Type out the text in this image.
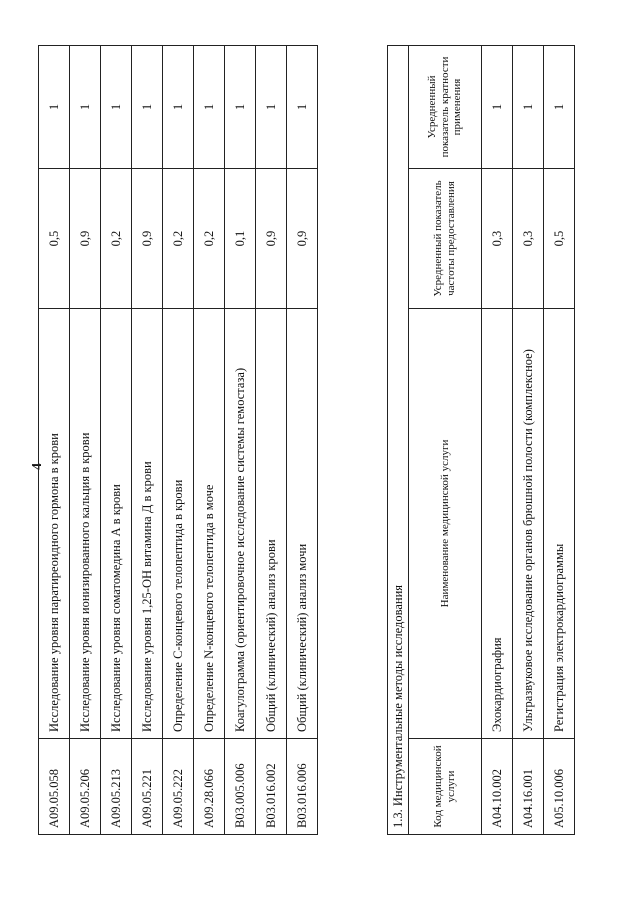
4
A09.05.058	Исследование уровня паратиреоидного гормона в крови	0,5	1
A09.05.206	Исследование уровня ионизированного кальция в крови	0,9	1
A09.05.213	Исследование уровня соматомедина А в крови	0,2	1
A09.05.221	Исследование уровня 1,25-ОН витамина Д в крови	0,9	1
A09.05.222	Определение С-концевого телопептида в крови	0,2	1
A09.28.066	Определение N-концевого телопептида в моче	0,2	1
B03.005.006	Коагулограмма (ориентировочное исследование системы гемостаза)	0,1	1
B03.016.002	Общий (клинический) анализ крови	0,9	1
B03.016.006	Общий (клинический) анализ мочи	0,9	1
1.3. Инструментальные методы исследования			
Код медицинской услуги	Наименование медицинской услуги	Усредненный показатель частоты предоставления	Усредненный показатель кратности применения
A04.10.002	Эхокардиография	0,3	1
A04.16.001	Ультразвуковое исследование органов брюшной полости (комплексное)	0,3	1
A05.10.006	Регистрация электрокардиограммы	0,5	1
